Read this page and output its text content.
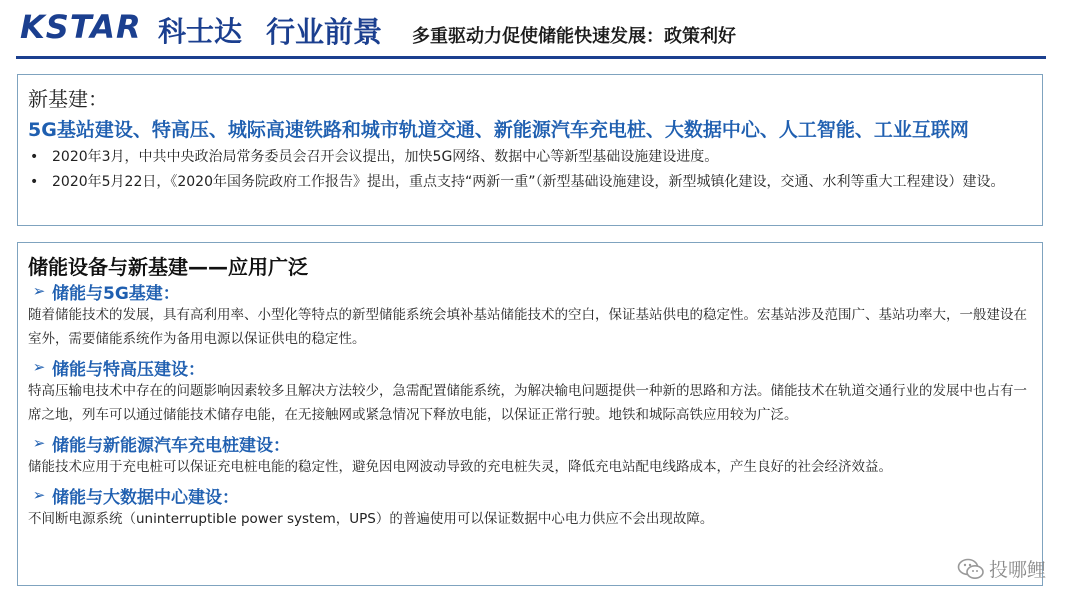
KSTAR 科士达 行业前景 多重驱动力促使储能快速发展：政策利好
新基建：
5G基站建设、特高压、城际高速铁路和城市轨道交通、新能源汽车充电桩、大数据中心、人工智能、工业互联网
• 2020年3月，中共中央政治局常务委员会召开会议提出，加快5G网络、数据中心等新型基础设施建设进度。
• 2020年5月22日，《2020年国务院政府工作报告》提出，重点支持“两新一重”（新型基础设施建设，新型城镇化建设，交通、水利等重大工程建设）建设。
储能设备与新基建——应用广泛
➢ 储能与5G基建：
随着储能技术的发展，具有高利用率、小型化等特点的新型储能系统会填补基站储能技术的空白，保证基站供电的稳定性。宏基站涉及范围广、基站功率大，一般建设在室外，需要储能系统作为备用电源以保证供电的稳定性。
➢ 储能与特高压建设：
特高压输电技术中存在的问题影响因素较多且解决方法较少，急需配置储能系统，为解决输电问题提供一种新的思路和方法。储能技术在轨道交通行业的发展中也占有一席之地，列车可以通过储能技术储存电能，在无接触网或紧急情况下释放电能，以保证正常行驶。地铁和城际高铁应用较为广泛。
➢ 储能与新能源汽车充电桩建设：
储能技术应用于充电桩可以保证充电桩电能的稳定性，避免因电网波动导致的充电桩失灵，降低充电站配电线路成本，产生良好的社会经济效益。
➢ 储能与大数据中心建设：
不间断电源系统（uninterruptible power system，UPS）的普遍使用可以保证数据中心电力供应不会出现故障。
投哪鲤
